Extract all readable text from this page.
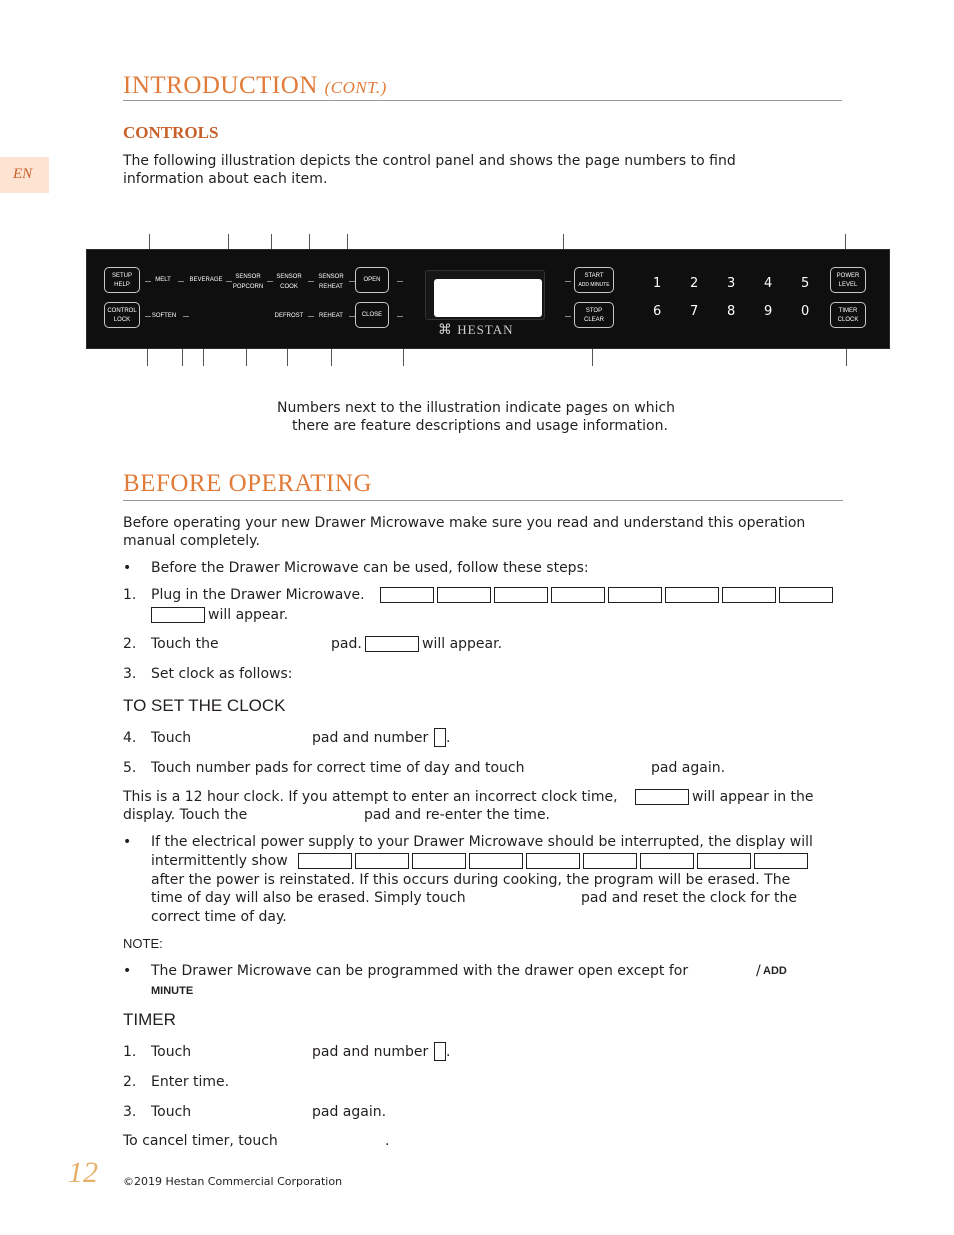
EN
INTRODUCTION (CONT.)
CONTROLS
The following illustration depicts the control panel and shows the page numbers to find
information about each item.
SETUP
HELP
CONTROL
LOCK
MELT	BEVERAGE	SENSOR
POPCORN
SENSOR
COOK
SENSOR
REHEAT
SOFTEN	DEFROST	REHEAT
OPEN
CLOSE
⌘ HESTAN
START
ADD MINUTE
STOP
CLEAR
1 2 3 4 5
6 7 8 9 0
POWER
LEVEL
TIMER
CLOCK
Numbers next to the illustration indicate pages on which
there are feature descriptions and usage information.
BEFORE OPERATING
Before operating your new Drawer Microwave make sure you read and understand this operation
manual completely.
• Before the Drawer Microwave can be used, follow these steps:
1. Plug in the Drawer Microwave.
will appear.
2. Touch the	pad.	will appear.
3. Set clock as follows:
TO SET THE CLOCK
4. Touch	pad and number .
5. Touch number pads for correct time of day and touch	pad again.
This is a 12 hour clock. If you attempt to enter an incorrect clock time,	will appear in the
display. Touch the	pad and re-enter the time.
• If the electrical power supply to your Drawer Microwave should be interrupted, the display will
intermittently show
after the power is reinstated. If this occurs during cooking, the program will be erased. The
time of day will also be erased. Simply touch	pad and reset the clock for the
correct time of day.
NOTE:
• The Drawer Microwave can be programmed with the drawer open except for	/ ADD
MINUTE
TIMER
1. Touch	pad and number .
2. Enter time.
3. Touch	pad again.
To cancel timer, touch	.
12 ©2019 Hestan Commercial Corporation
